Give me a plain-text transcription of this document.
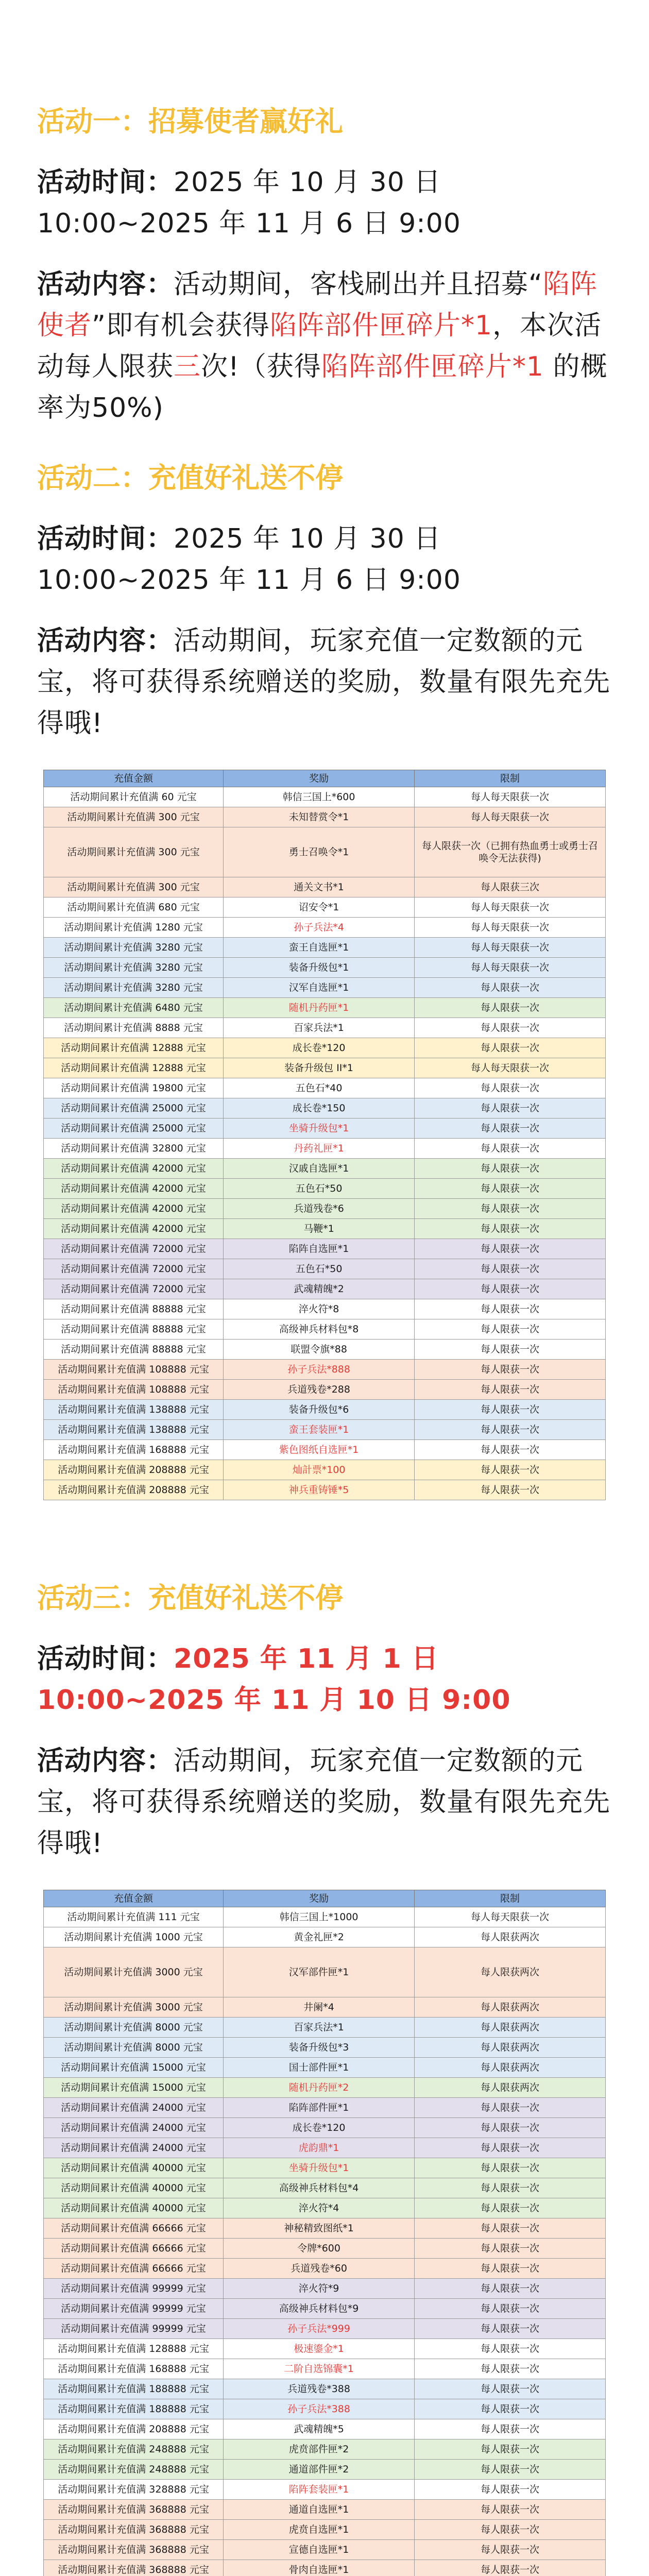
活动一：招募使者赢好礼
活动时间：2025 年 10 月 30 日 10:00~2025 年 11 月 6 日 9:00
活动内容：活动期间，客栈刷出并且招募“陷阵使者”即有机会获得陷阵部件匣碎片*1，本次活动每人限获三次!（获得陷阵部件匣碎片*1 的概率为50%)
活动二：充值好礼送不停
活动时间：2025 年 10 月 30 日 10:00~2025 年 11 月 6 日 9:00
活动内容：活动期间，玩家充值一定数额的元宝，将可获得系统赠送的奖励，数量有限先充先得哦!
充值金额	奖励	限制
活动期间累计充值满 60 元宝	韩信三国上*600	每人每天限获一次
活动期间累计充值满 300 元宝	未知替赏令*1	每人每天限获一次
活动期间累计充值满 300 元宝	勇士召唤令*1	每人限获一次（已拥有热血勇士或勇士召唤令无法获得)
活动期间累计充值满 300 元宝	通关文书*1	每人限获三次
活动期间累计充值满 680 元宝	诏安令*1	每人每天限获一次
活动期间累计充值满 1280 元宝	孙子兵法*4	每人每天限获一次
活动期间累计充值满 3280 元宝	蛮王自选匣*1	每人每天限获一次
活动期间累计充值满 3280 元宝	装备升级包*1	每人每天限获一次
活动期间累计充值满 3280 元宝	汉军自选匣*1	每人限获一次
活动期间累计充值满 6480 元宝	随机丹药匣*1	每人限获一次
活动期间累计充值满 8888 元宝	百家兵法*1	每人限获一次
活动期间累计充值满 12888 元宝	成长卷*120	每人限获一次
活动期间累计充值满 12888 元宝	装备升级包 II*1	每人每天限获一次
活动期间累计充值满 19800 元宝	五色石*40	每人限获一次
活动期间累计充值满 25000 元宝	成长卷*150	每人限获一次
活动期间累计充值满 25000 元宝	坐骑升级包*1	每人限获一次
活动期间累计充值满 32800 元宝	丹药礼匣*1	每人限获一次
活动期间累计充值满 42000 元宝	汉戚自选匣*1	每人限获一次
活动期间累计充值满 42000 元宝	五色石*50	每人限获一次
活动期间累计充值满 42000 元宝	兵道残卷*6	每人限获一次
活动期间累计充值满 42000 元宝	马鞭*1	每人限获一次
活动期间累计充值满 72000 元宝	陷阵自选匣*1	每人限获一次
活动期间累计充值满 72000 元宝	五色石*50	每人限获一次
活动期间累计充值满 72000 元宝	武魂精魄*2	每人限获一次
活动期间累计充值满 88888 元宝	淬火符*8	每人限获一次
活动期间累计充值满 88888 元宝	高级神兵材料包*8	每人限获一次
活动期间累计充值满 88888 元宝	联盟令旗*88	每人限获一次
活动期间累计充值满 108888 元宝	孙子兵法*888	每人限获一次
活动期间累计充值满 108888 元宝	兵道残卷*288	每人限获一次
活动期间累计充值满 138888 元宝	装备升级包*6	每人限获一次
活动期间累计充值满 138888 元宝	蛮王套装匣*1	每人限获一次
活动期间累计充值满 168888 元宝	紫色图纸自选匣*1	每人限获一次
活动期间累计充值满 208888 元宝	灿計票*100	每人限获一次
活动期间累计充值满 208888 元宝	神兵重铸锤*5	每人限获一次
活动三：充值好礼送不停
活动时间：2025 年 11 月 1 日 10:00~2025 年 11 月 10 日 9:00
活动内容：活动期间，玩家充值一定数额的元宝，将可获得系统赠送的奖励，数量有限先充先得哦!
充值金额	奖励	限制
活动期间累计充值满 111 元宝	韩信三国上*1000	每人每天限获一次
活动期间累计充值满 1000 元宝	黄金礼匣*2	每人限获两次
活动期间累计充值满 3000 元宝	汉军部件匣*1	每人限获两次
活动期间累计充值满 3000 元宝	井阑*4	每人限获两次
活动期间累计充值满 8000 元宝	百家兵法*1	每人限获两次
活动期间累计充值满 8000 元宝	装备升级包*3	每人限获两次
活动期间累计充值满 15000 元宝	国士部件匣*1	每人限获两次
活动期间累计充值满 15000 元宝	随机丹药匣*2	每人限获两次
活动期间累计充值满 24000 元宝	陷阵部件匣*1	每人限获一次
活动期间累计充值满 24000 元宝	成长卷*120	每人限获一次
活动期间累计充值满 24000 元宝	虎韵鼎*1	每人限获一次
活动期间累计充值满 40000 元宝	坐骑升级包*1	每人限获一次
活动期间累计充值满 40000 元宝	高级神兵材料包*4	每人限获一次
活动期间累计充值满 40000 元宝	淬火符*4	每人限获一次
活动期间累计充值满 66666 元宝	神秘精致图纸*1	每人限获一次
活动期间累计充值满 66666 元宝	令牌*600	每人限获一次
活动期间累计充值满 66666 元宝	兵道残卷*60	每人限获一次
活动期间累计充值满 99999 元宝	淬火符*9	每人限获一次
活动期间累计充值满 99999 元宝	高级神兵材料包*9	每人限获一次
活动期间累计充值满 99999 元宝	孙子兵法*999	每人限获一次
活动期间累计充值满 128888 元宝	极速鎏金*1	每人限获一次
活动期间累计充值满 168888 元宝	二阶自选锦囊*1	每人限获一次
活动期间累计充值满 188888 元宝	兵道残卷*388	每人限获一次
活动期间累计充值满 188888 元宝	孙子兵法*388	每人限获一次
活动期间累计充值满 208888 元宝	武魂精魄*5	每人限获一次
活动期间累计充值满 248888 元宝	虎贲部件匣*2	每人限获一次
活动期间累计充值满 248888 元宝	通道部件匣*2	每人限获一次
活动期间累计充值满 328888 元宝	陷阵套装匣*1	每人限获一次
活动期间累计充值满 368888 元宝	通道自选匣*1	每人限获一次
活动期间累计充值满 368888 元宝	虎贲自选匣*1	每人限获一次
活动期间累计充值满 368888 元宝	宣德自选匣*1	每人限获一次
活动期间累计充值满 368888 元宝	骨肉自选匣*1	每人限获一次
